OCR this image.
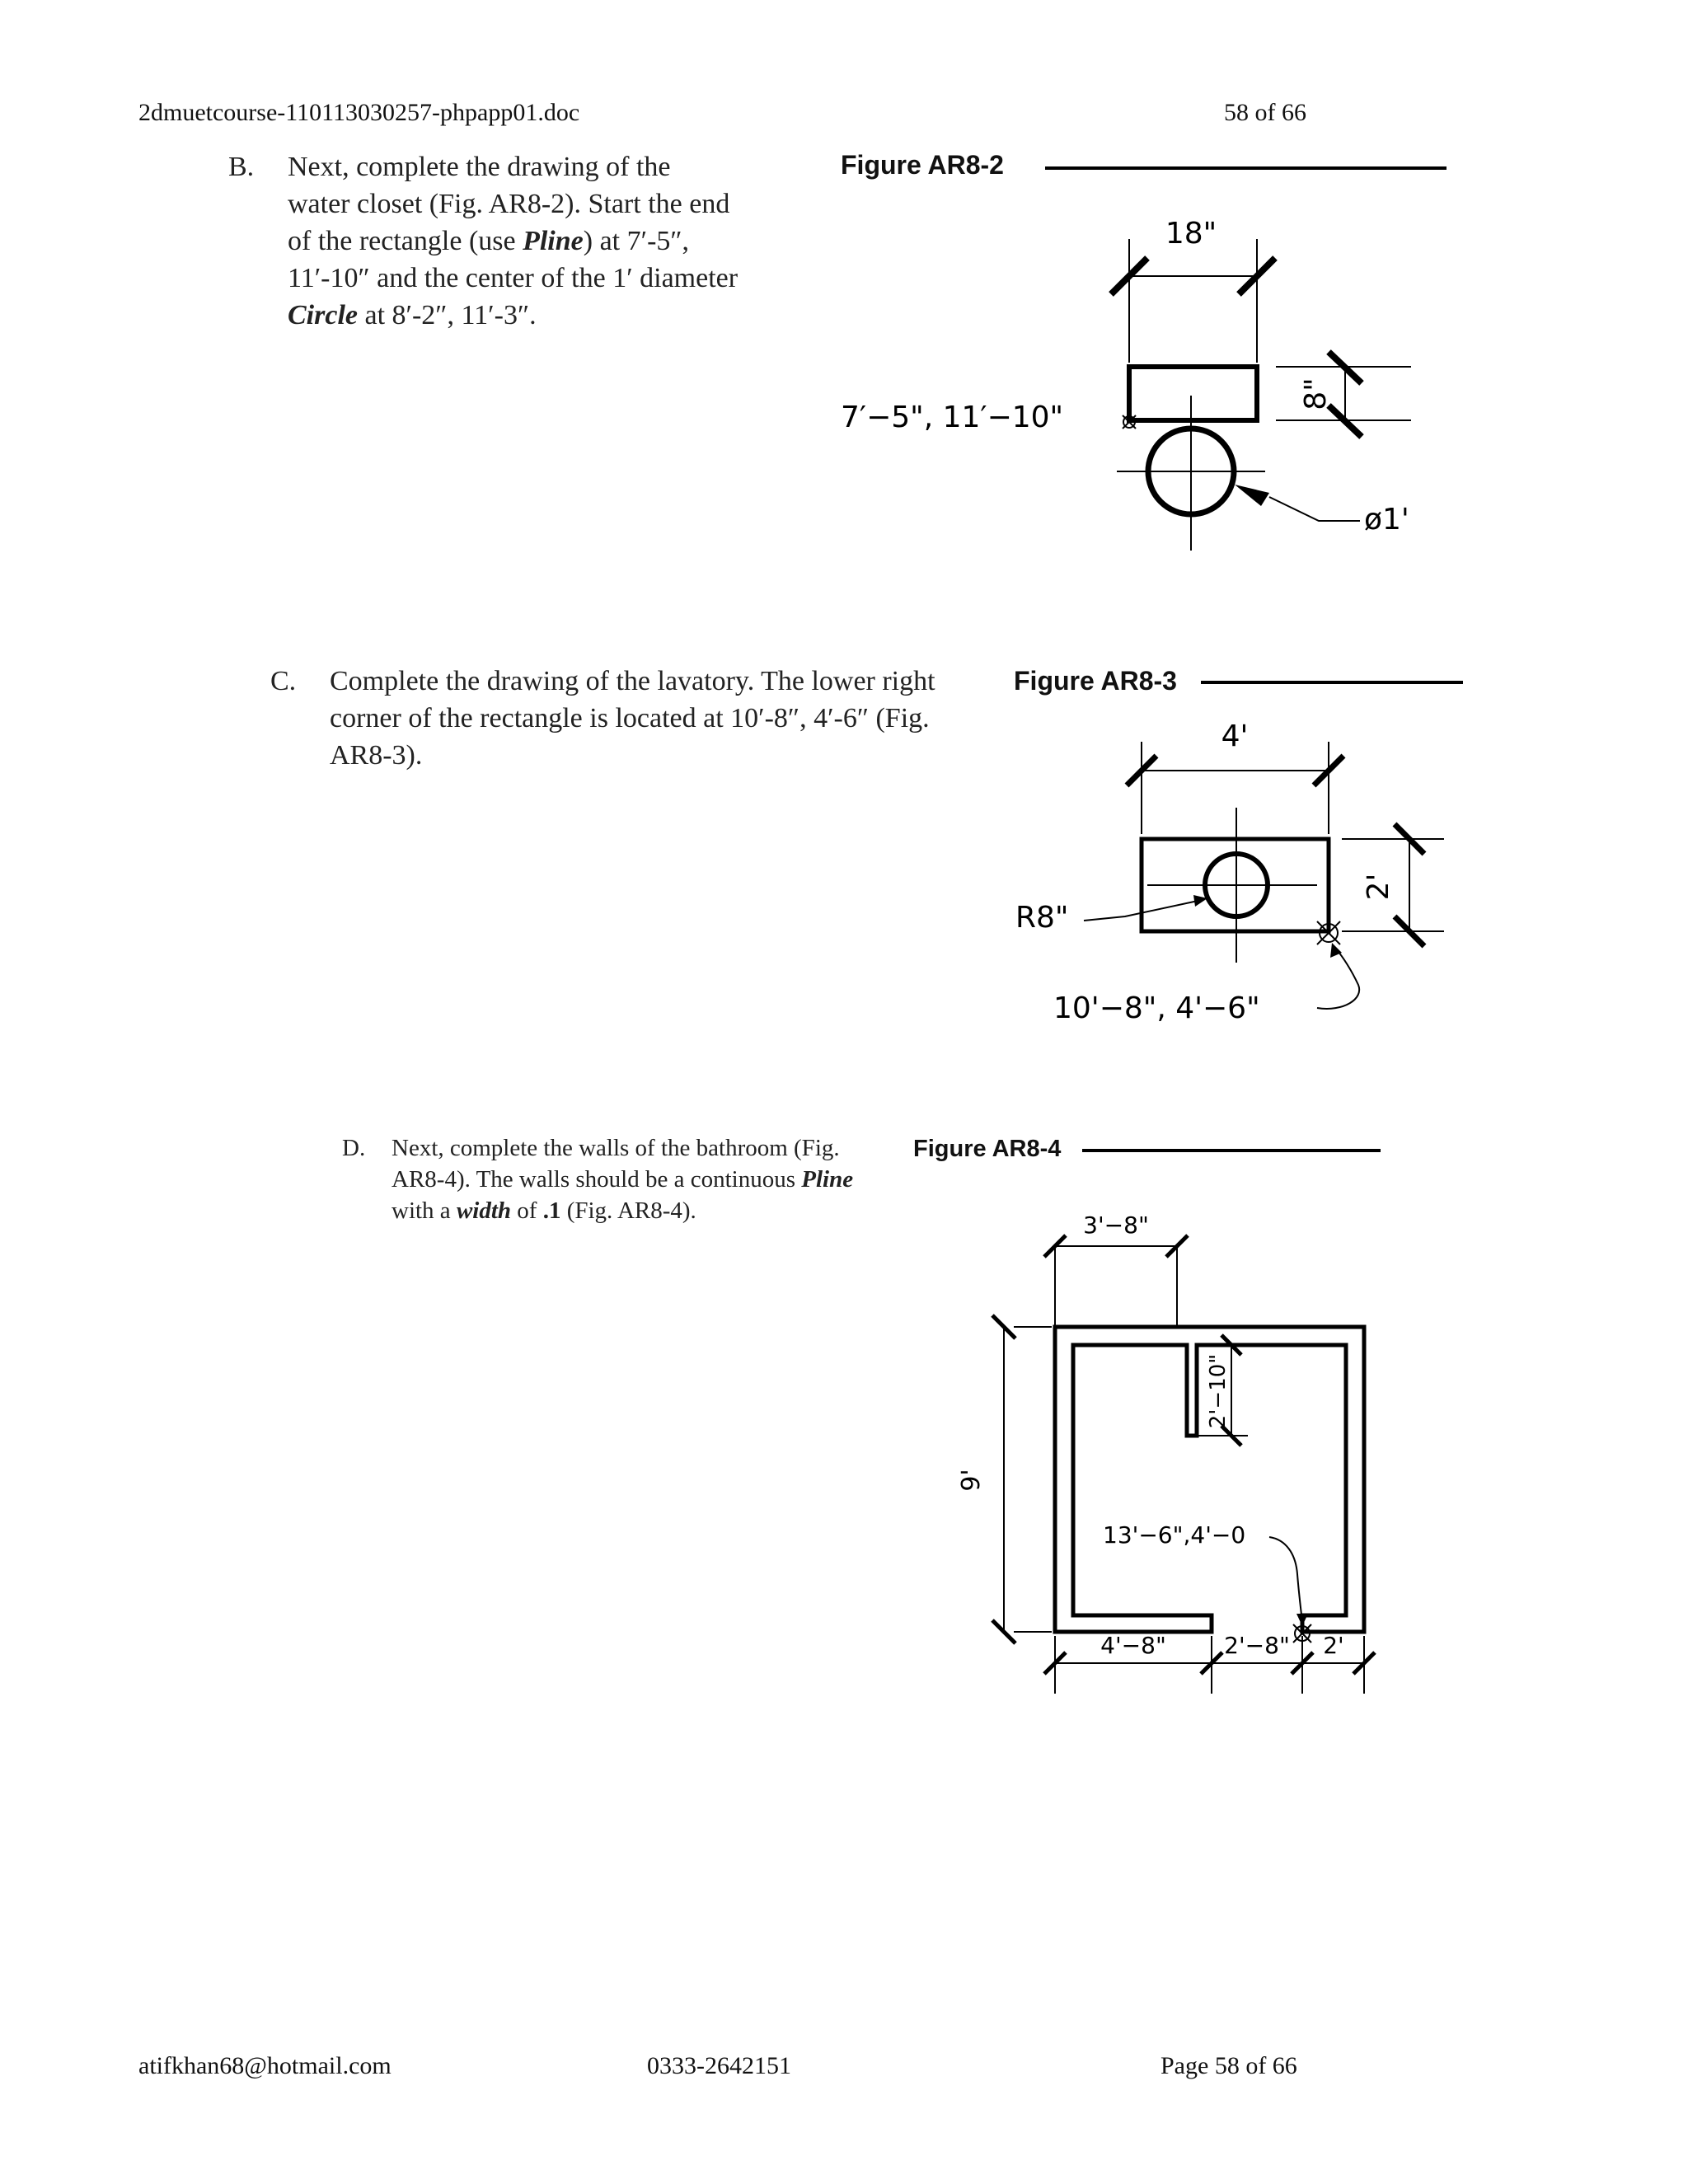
2dmuetcourse-110113030257-phpapp01.doc	58 of 66
B. Next, complete the drawing of the water closet (Fig. AR8-2). Start the end of the rectangle (use Pline) at 7′-5″, 11′-10″ and the center of the 1′ diameter Circle at 8′-2″, 11′-3″.
C. Complete the drawing of the lavatory. The lower right corner of the rectangle is located at 10′-8″, 4′-6″ (Fig. AR8-3).
D. Next, complete the walls of the bathroom (Fig. AR8-4). The walls should be a continuous Pline with a width of .1 (Fig. AR8-4).
Figure AR8-2
18"
8"
7′−5", 11′−10"
ø1'
Figure AR8-3
4'
2'
R8"
10'−8", 4'−6"
Figure AR8-4
3'−8"
9'
2'−10"
13'−6",4'−0
4'−8"	2'−8" 2'
atifkhan68@hotmail.com	0333-2642151	Page 58 of 66
